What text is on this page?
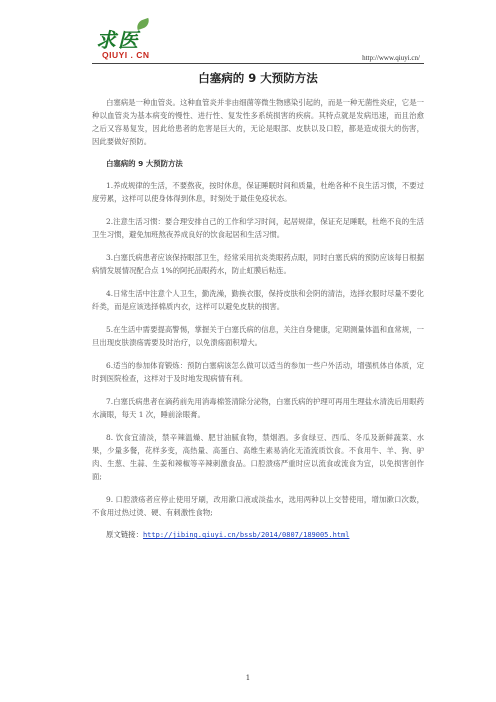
求医
QIUYI . CN	http://www.qiuyi.cn/
白塞病的 9 大预防方法

白塞病是一种血管炎。这种血管炎并非由细菌等微生物感染引起的，而是一种无菌性炎症，它是一种以血管炎为基本病变的慢性、进行性、复发性多系统损害的疾病。其特点就是发病迅速，而且治愈之后又容易复发，因此给患者的危害是巨大的，无论是眼部、皮肤以及口腔，都是造成很大的伤害，因此要做好预防。

白塞病的 9 大预防方法

1.养成规律的生活，不要熬夜，按时休息，保证睡眠时间和质量，杜绝各种不良生活习惯，不要过度劳累，这样可以使身体得到休息，时刻处于最佳免疫状态。

2.注意生活习惯：要合理安排自己的工作和学习时间，起居规律，保证充足睡眠，杜绝不良的生活卫生习惯，避免加班熬夜养成良好的饮食起居和生活习惯。

3.白塞氏病患者应该保持眼部卫生，经常采用抗炎类眼药点眼，同时白塞氏病的预防应该每日根据病情发展情况配合点 1%的阿托品眼药水，防止虹膜后粘连。

4.日常生活中注意个人卫生，勤洗澡，勤换衣服，保持皮肤和会阴的清洁，选择衣服时尽量不要化纤类，而是应该选择棉质内衣，这样可以避免皮肤的损害。

5.在生活中需要提高警惕，掌握关于白塞氏病的信息，关注自身健康，定期测量体温和血常规，一旦出现皮肤溃疡需要及时治疗，以免溃疡面积增大。

6.适当的参加体育锻炼：预防白塞病该怎么做可以适当的参加一些户外活动，增强机体自体质，定时到医院检查，这样对于及时地发现病情有利。

7.白塞氏病患者在滴药前先用消毒棉签清除分泌物，白塞氏病的护理可再用生理盐水清洗后用眼药水滴眼，每天 1 次，睡前涂眼膏。

8. 饮食宜清淡，禁辛辣温燥、肥甘油腻食物，禁烟酒。多食绿豆、西瓜、冬瓜及新鲜蔬菜、水果，少量多餐，花样多变，高热量、高蛋白、高维生素易消化无渣流质饮食。不食用牛、羊、狗、驴肉、生葱、生蒜、生姜和辣椒等辛辣刺激食品。口腔溃疡严重时应以流食或流食为宜，以免损害创作面;

9. 口腔溃疡者应停止使用牙刷，改用漱口液或淡盐水，选用两种以上交替使用，增加漱口次数，不食用过热过烫、硬、有刺激性食物;

原文链接：http://jibing.qiuyi.cn/bssb/2014/0807/189005.html

1
